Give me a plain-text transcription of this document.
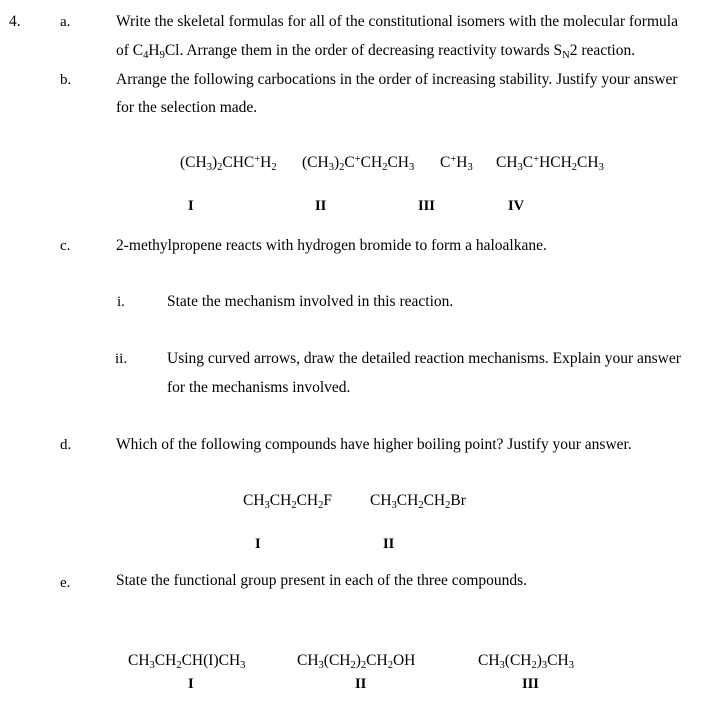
4.	a.	Write the skeletal formulas for all of the constitutional isomers with the molecular formula
of $C_4H_9Cl$. Arrange them in the order of decreasing reactivity towards $S_N2$ reaction.
b.	Arrange the following carbocations in the order of increasing stability. Justify your answer
for the selection made.
$(CH_3)_2CHC^+H_2$ $(CH_3)_2C^+CH_2CH_3$ $C^+H_3$ $CH_3C^+HCH_2CH_3$
I	II	III	IV
c.	2-methylpropene reacts with hydrogen bromide to form a haloalkane.
i.	State the mechanism involved in this reaction.
ii.	Using curved arrows, draw the detailed reaction mechanisms. Explain your answer
for the mechanisms involved.
d.	Which of the following compounds have higher boiling point? Justify your answer.
$CH_3CH_2CH_2F$ $CH_3CH_2CH_2Br$
I	II
e.	State the functional group present in each of the three compounds.
$CH_3CH_2CH(I)CH_3$	$CH_3(CH_2)_2CH_2OH$	$CH_3(CH_2)_3CH_3$
I	II	III
